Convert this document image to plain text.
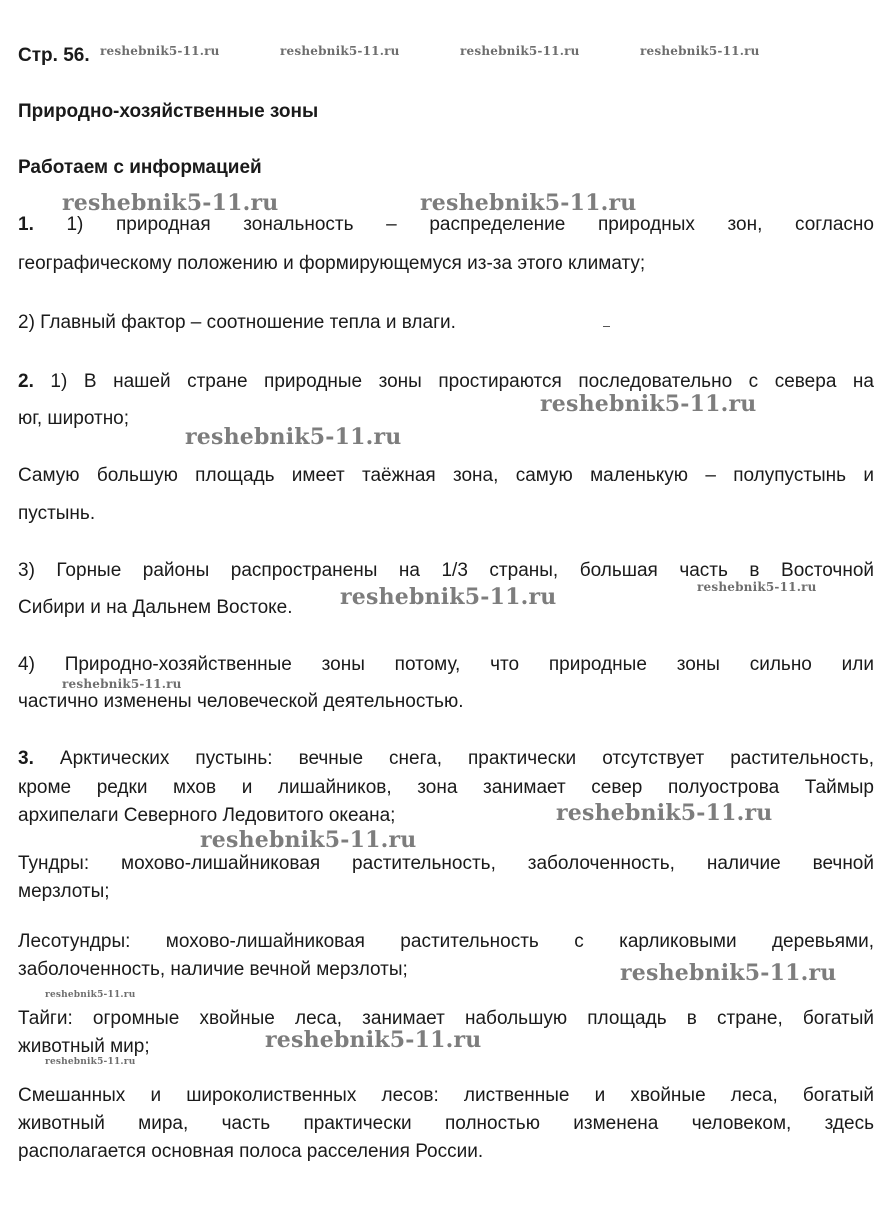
Стр. 56.
Природно-хозяйственные зоны
Работаем с информацией
1. 1) природная зональность – распределение природных зон, согласно
географическому положению и формирующемуся из-за этого климату;
2) Главный фактор – соотношение тепла и влаги.
2. 1) В нашей стране природные зоны простираются последовательно с севера на
юг, широтно;
Самую большую площадь имеет таёжная зона, самую маленькую – полупустынь и
пустынь.
3) Горные районы распространены на 1/3 страны, большая часть в Восточной
Сибири и на Дальнем Востоке.
4) Природно-хозяйственные зоны потому, что природные зоны сильно или
частично изменены человеческой деятельностью.
3. Арктических пустынь: вечные снега, практически отсутствует растительность,
кроме редки мхов и лишайников, зона занимает север полуострова Таймыр
архипелаги Северного Ледовитого океана;
Тундры: мохово-лишайниковая растительность, заболоченность, наличие вечной
мерзлоты;
Лесотундры: мохово-лишайниковая растительность с карликовыми деревьями,
заболоченность, наличие вечной мерзлоты;
Тайги: огромные хвойные леса, занимает набольшую площадь в стране, богатый
животный мир;
Смешанных и широколиственных лесов: лиственные и хвойные леса, богатый
животный мира, часть практически полностью изменена человеком, здесь
располагается основная полоса расселения России.
reshebnik5-11.ru	reshebnik5-11.ru	reshebnik5-11.ru	reshebnik5-11.ru
reshebnik5-11.ru	reshebnik5-11.ru
reshebnik5-11.ru
reshebnik5-11.ru
reshebnik5-11.ru
reshebnik5-11.ru
reshebnik5-11.ru
reshebnik5-11.ru
reshebnik5-11.ru
reshebnik5-11.ru
reshebnik5-11.ru
reshebnik5-11.ru
reshebnik5-11.ru
